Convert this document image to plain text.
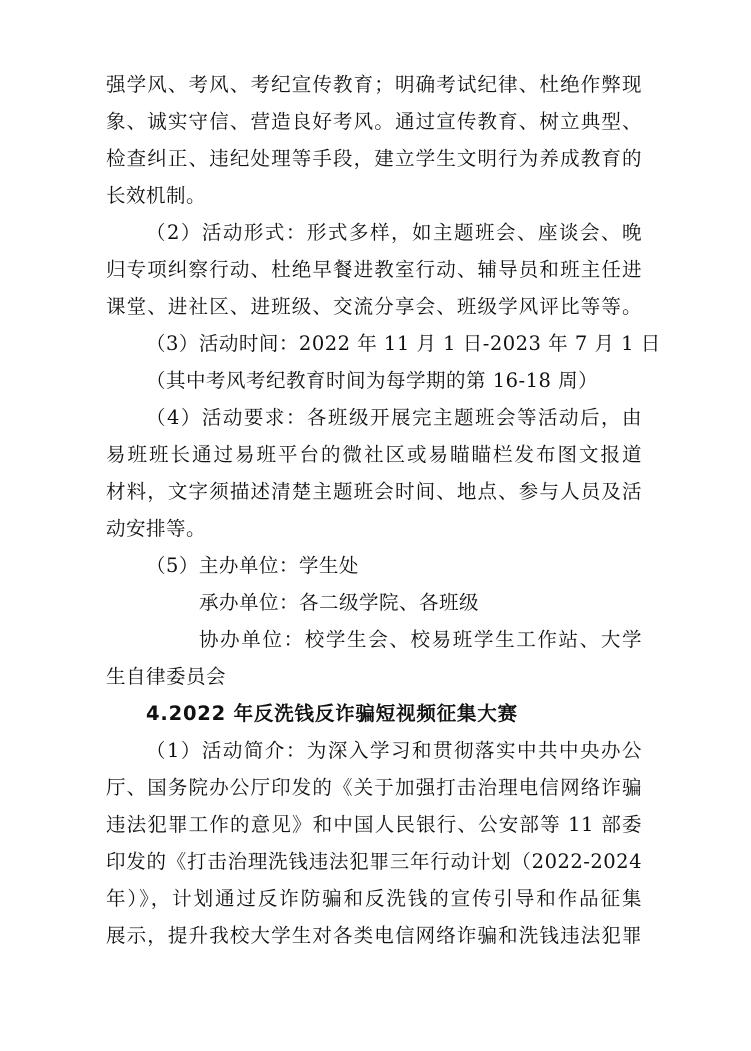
强学风、考风、考纪宣传教育；明确考试纪律、杜绝作弊现
象、诚实守信、营造良好考风。通过宣传教育、树立典型、
检查纠正、违纪处理等手段，建立学生文明行为养成教育的
长效机制。
（2）活动形式：形式多样，如主题班会、座谈会、晚
归专项纠察行动、杜绝早餐进教室行动、辅导员和班主任进
课堂、进社区、进班级、交流分享会、班级学风评比等等。
（3）活动时间：2022 年 11 月 1 日-2023 年 7 月 1 日
（其中考风考纪教育时间为每学期的第 16-18 周）
（4）活动要求：各班级开展完主题班会等活动后，由
易班班长通过易班平台的微社区或易瞄瞄栏发布图文报道
材料，文字须描述清楚主题班会时间、地点、参与人员及活
动安排等。
（5）主办单位：学生处
承办单位：各二级学院、各班级
协办单位：校学生会、校易班学生工作站、大学
生自律委员会
4.2022 年反洗钱反诈骗短视频征集大赛
（1）活动简介：为深入学习和贯彻落实中共中央办公
厅、国务院办公厅印发的《关于加强打击治理电信网络诈骗
违法犯罪工作的意见》和中国人民银行、公安部等 11 部委
印发的《打击治理洗钱违法犯罪三年行动计划（2022-2024
年）》，计划通过反诈防骗和反洗钱的宣传引导和作品征集
展示，提升我校大学生对各类电信网络诈骗和洗钱违法犯罪
